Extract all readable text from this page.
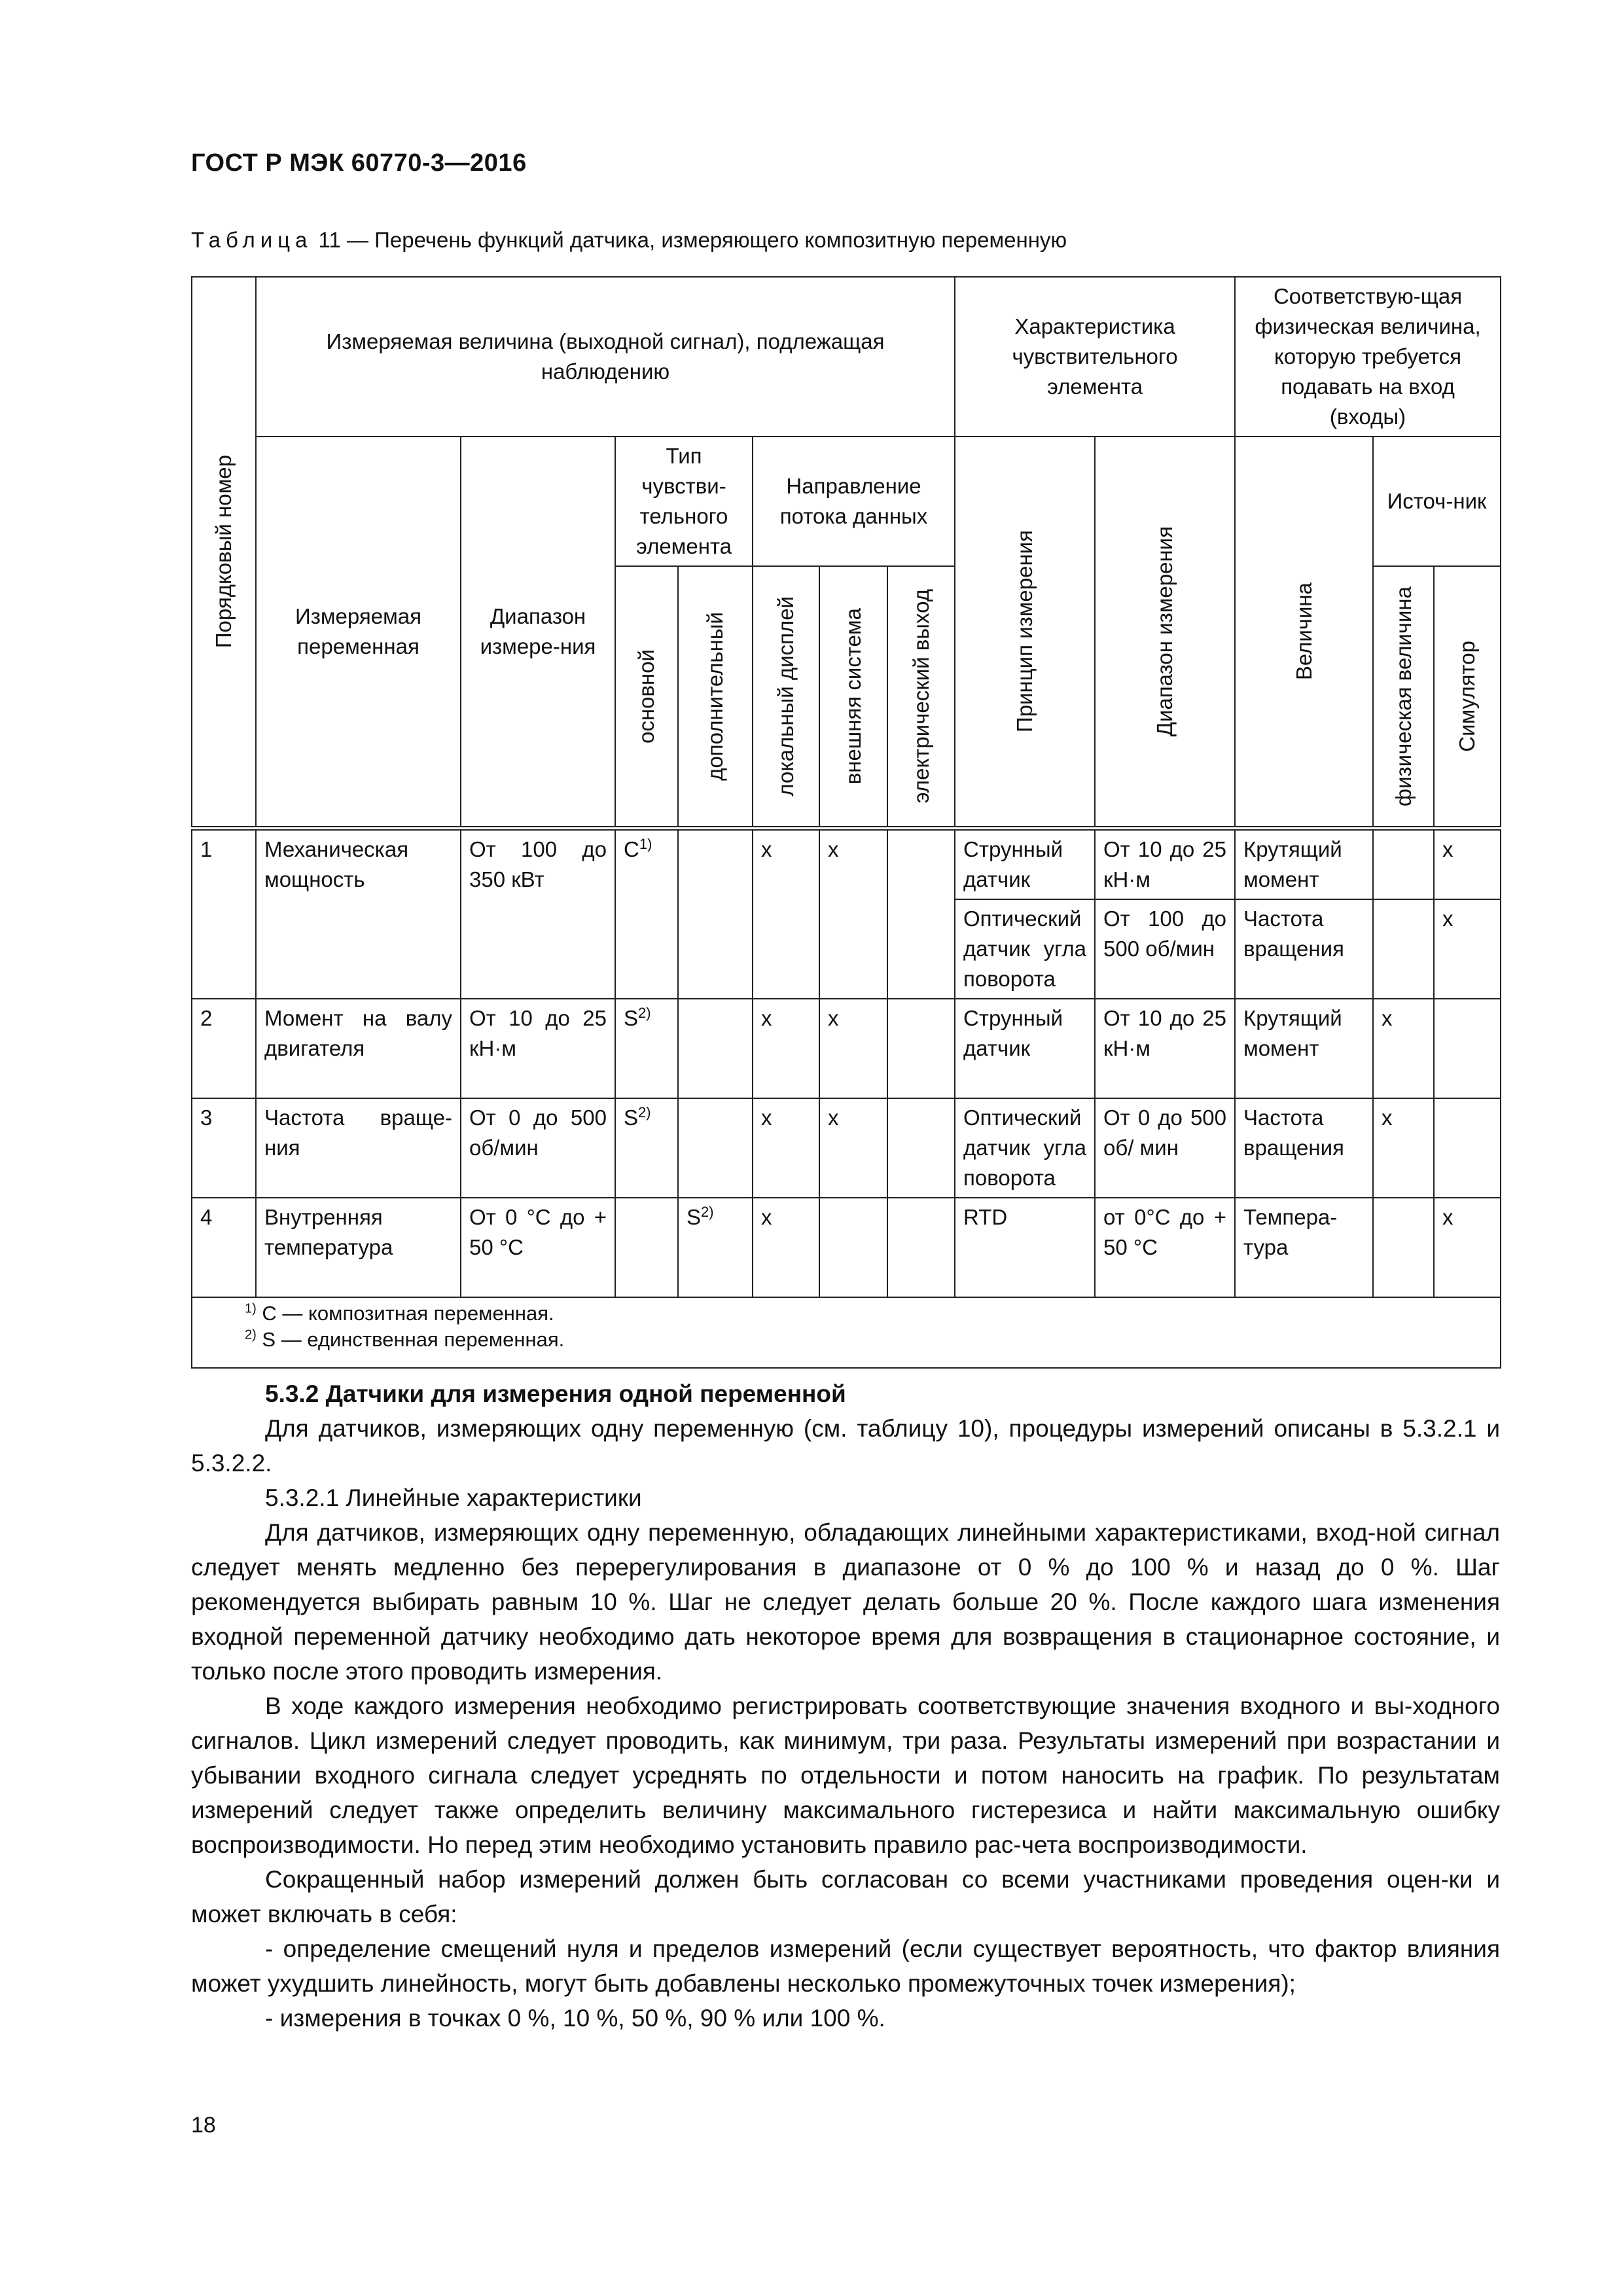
ГОСТ Р МЭК 60770-3—2016
Таблица 11 — Перечень функций датчика, измеряющего композитную переменную
Порядковый номер	Измеряемая величина (выходной сигнал), подлежащая наблюдению							Характеристика чувствительного элемента		Соответствую-щая физическая величина, которую требуется подавать на вход (входы)		
	Измеряемая переменная	Диапазон измере-ния	Тип чувстви-тельного элемента		Направление потока данных			Принцип измерения	Диапазон измерения	Величина	Источ-ник	

			основной	дополнительный	локальный дисплей	внешняя система	электрический выход				физическая величина	Симулятор

1	Механическая мощность	От 100 до 350 кВт	$C^{1)}$		х	х		Струнный датчик	От 10 до 25 кН·м	Крутящий момент		х
								Оптический датчик угла поворота	От 100 до 500 об/мин	Частота вращения		х
2	Момент на валу двигателя	От 10 до 25 кН·м	$S^{2)}$		х	х		Струнный датчик	От 10 до 25 кН·м	Крутящий момент	х	
3	Частота враще-ния	От 0 до 500 об/мин	$S^{2)}$		х	х		Оптический датчик угла поворота	От 0 до 500 об/ мин	Частота вращения	х	
4	Внутренняя температура	От 0 °С до + 50 °С		$S^{2)}$	х			RTD	от 0°С до + 50 °С	Темпера-тура		х

$^{1)}$ С — композитная переменная.
$^{2)}$ S — единственная переменная.												

5.3.2 Датчики для измерения одной переменной

Для датчиков, измеряющих одну переменную (см. таблицу 10), процедуры измерений описаны в 5.3.2.1 и 5.3.2.2.

5.3.2.1 Линейные характеристики

Для датчиков, измеряющих одну переменную, обладающих линейными характеристиками, вход-ной сигнал следует менять медленно без перерегулирования в диапазоне от 0 % до 100 % и назад до 0 %. Шаг рекомендуется выбирать равным 10 %. Шаг не следует делать больше 20 %. После каждого шага изменения входной переменной датчику необходимо дать некоторое время для возвращения в стационарное состояние, и только после этого проводить измерения.

В ходе каждого измерения необходимо регистрировать соответствующие значения входного и вы-ходного сигналов. Цикл измерений следует проводить, как минимум, три раза. Результаты измерений при возрастании и убывании входного сигнала следует усреднять по отдельности и потом наносить на график. По результатам измерений следует также определить величину максимального гистерезиса и найти максимальную ошибку воспроизводимости. Но перед этим необходимо установить правило рас-чета воспроизводимости.

Сокращенный набор измерений должен быть согласован со всеми участниками проведения оцен-ки и может включать в себя:

- определение смещений нуля и пределов измерений (если существует вероятность, что фактор влияния может ухудшить линейность, могут быть добавлены несколько промежуточных точек измерения);

- измерения в точках 0 %, 10 %, 50 %, 90 % или 100 %.

18
